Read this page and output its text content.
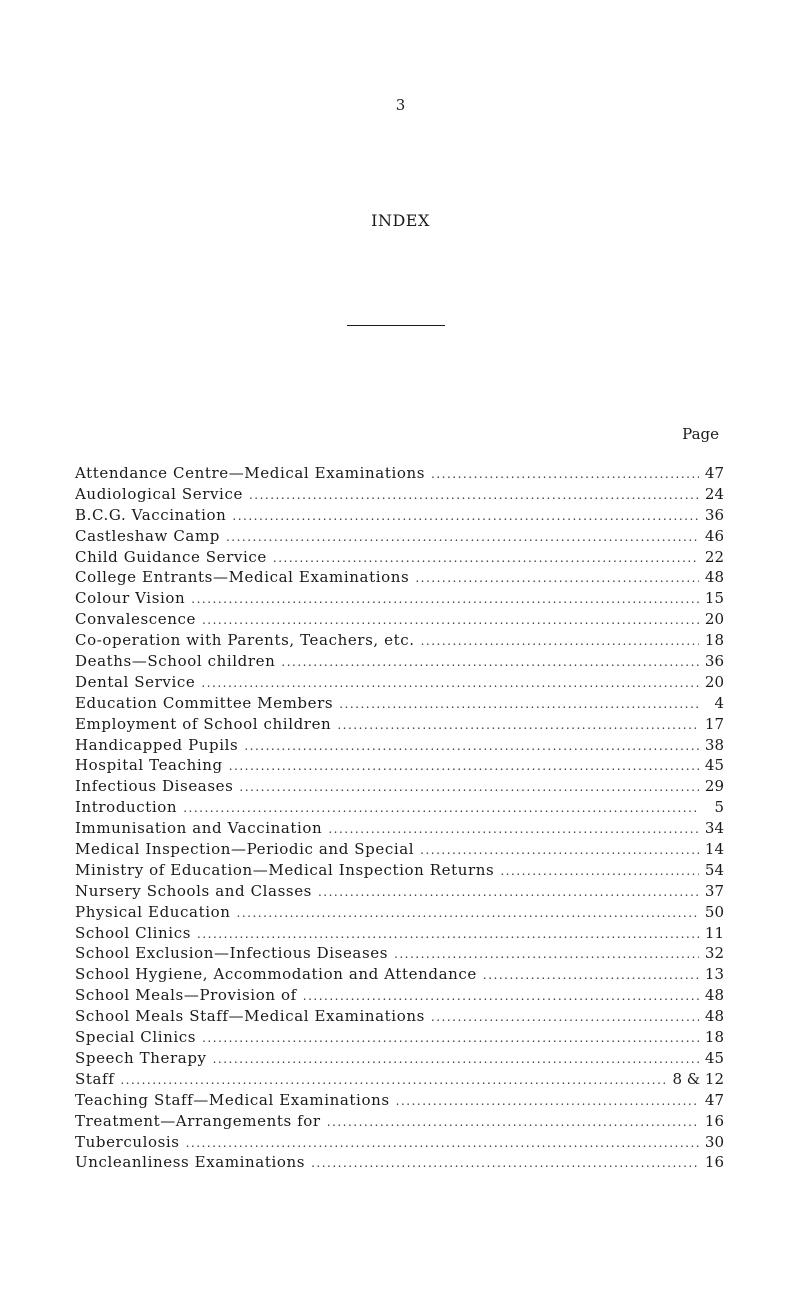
3
INDEX
Page
Attendance Centre—Medical Examinations .....	47
Audiological Service .....	24
B.C.G. Vaccination .....	36
Castleshaw Camp .....	46
Child Guidance Service .....	22
College Entrants—Medical Examinations .....	48
Colour Vision .....	15
Convalescence .....	20
Co-operation with Parents, Teachers, etc. .....	18
Deaths—School children .....	36
Dental Service .....	20
Education Committee Members .....	4
Employment of School children .....	17
Handicapped Pupils .....	38
Hospital Teaching .....	45
Infectious Diseases .....	29
Introduction .....	5
Immunisation and Vaccination .....	34
Medical Inspection—Periodic and Special .....	14
Ministry of Education—Medical Inspection Returns .....	54
Nursery Schools and Classes .....	37
Physical Education .....	50
School Clinics .....	11
School Exclusion—Infectious Diseases .....	32
School Hygiene, Accommodation and Attendance .....	13
School Meals—Provision of .....	48
School Meals Staff—Medical Examinations .....	48
Special Clinics .....	18
Speech Therapy .....	45
Staff .....	8 & 12
Teaching Staff—Medical Examinations .....	47
Treatment—Arrangements for .....	16
Tuberculosis .....	30
Uncleanliness Examinations .....	16
